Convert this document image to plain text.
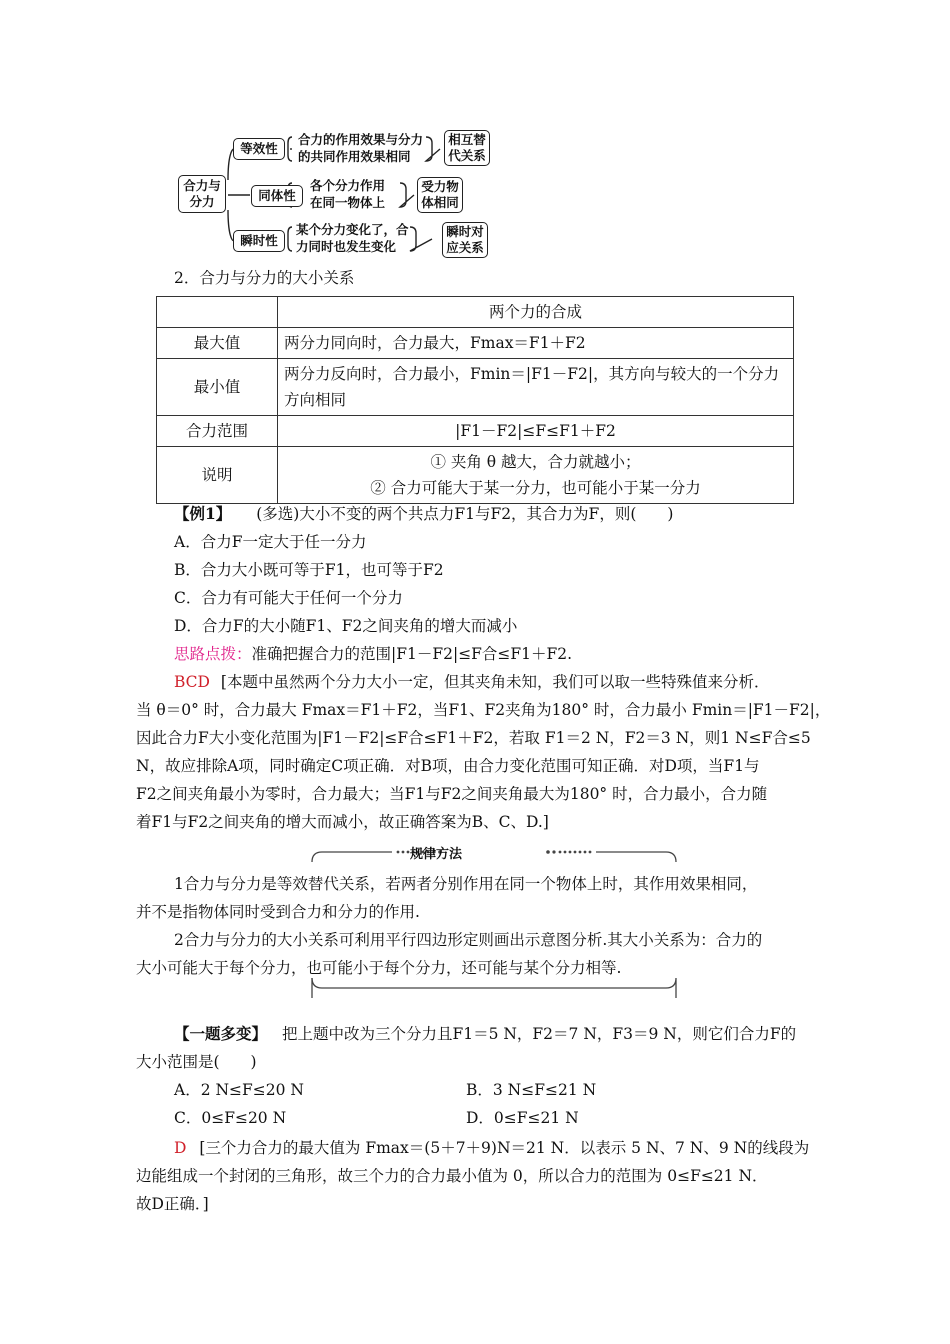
合力与
分力
等效性
同体性
瞬时性
合力的作用效果与分力
的共同作用效果相同
各个分力作用
在同一物体上
某个分力变化了，合
力同时也发生变化
相互替
代关系
受力物
体相同
瞬时对
应关系
2．合力与分力的大小关系
	两个力的合成
最大值	两分力同向时，合力最大，Fmax＝F1＋F2
最小值	两分力反向时，合力最小，Fmin＝|F1－F2|，其方向与较大的一个分力方向相同
合力范围	|F1－F2|≤F≤F1＋F2
说明	① 夹角 θ 越大，合力就越小；
② 合力可能大于某一分力，也可能小于某一分力
【例1】 (多选)大小不变的两个共点力F1与F2，其合力为F，则(　　)
A．合力F一定大于任一分力
B．合力大小既可等于F1，也可等于F2
C．合力有可能大于任何一个分力
D．合力F的大小随F1、F2之间夹角的增大而减小
思路点拨：准确把握合力的范围|F1－F2|≤F合≤F1＋F2.
BCD [本题中虽然两个分力大小一定，但其夹角未知，我们可以取一些特殊值来分析．
当 θ＝0° 时，合力最大 Fmax＝F1＋F2，当F1、F2夹角为180° 时，合力最小 Fmin＝|F1－F2|，
因此合力F大小变化范围为|F1－F2|≤F合≤F1＋F2，若取 F1＝2 N，F2＝3 N，则1 N≤F合≤5
N，故应排除A项，同时确定C项正确．对B项，由合力变化范围可知正确．对D项，当F1与
F2之间夹角最小为零时，合力最大；当F1与F2之间夹角最大为180° 时，合力最小，合力随
着F1与F2之间夹角的增大而减小，故正确答案为B、C、D.]
规律方法
1合力与分力是等效替代关系，若两者分别作用在同一个物体上时，其作用效果相同，
并不是指物体同时受到合力和分力的作用.
2合力与分力的大小关系可利用平行四边形定则画出示意图分析.其大小关系为：合力的
大小可能大于每个分力，也可能小于每个分力，还可能与某个分力相等.
【一题多变】 把上题中改为三个分力且F1＝5 N，F2＝7 N，F3＝9 N，则它们合力F的
大小范围是(　　)
A．2 N≤F≤20 N	B．3 N≤F≤21 N
C．0≤F≤20 N	D．0≤F≤21 N
D [三个力合力的最大值为 Fmax＝(5＋7＋9)N＝21 N．以表示 5 N、7 N、9 N的线段为
边能组成一个封闭的三角形，故三个力的合力最小值为 0，所以合力的范围为 0≤F≤21 N．
故D正确．]
